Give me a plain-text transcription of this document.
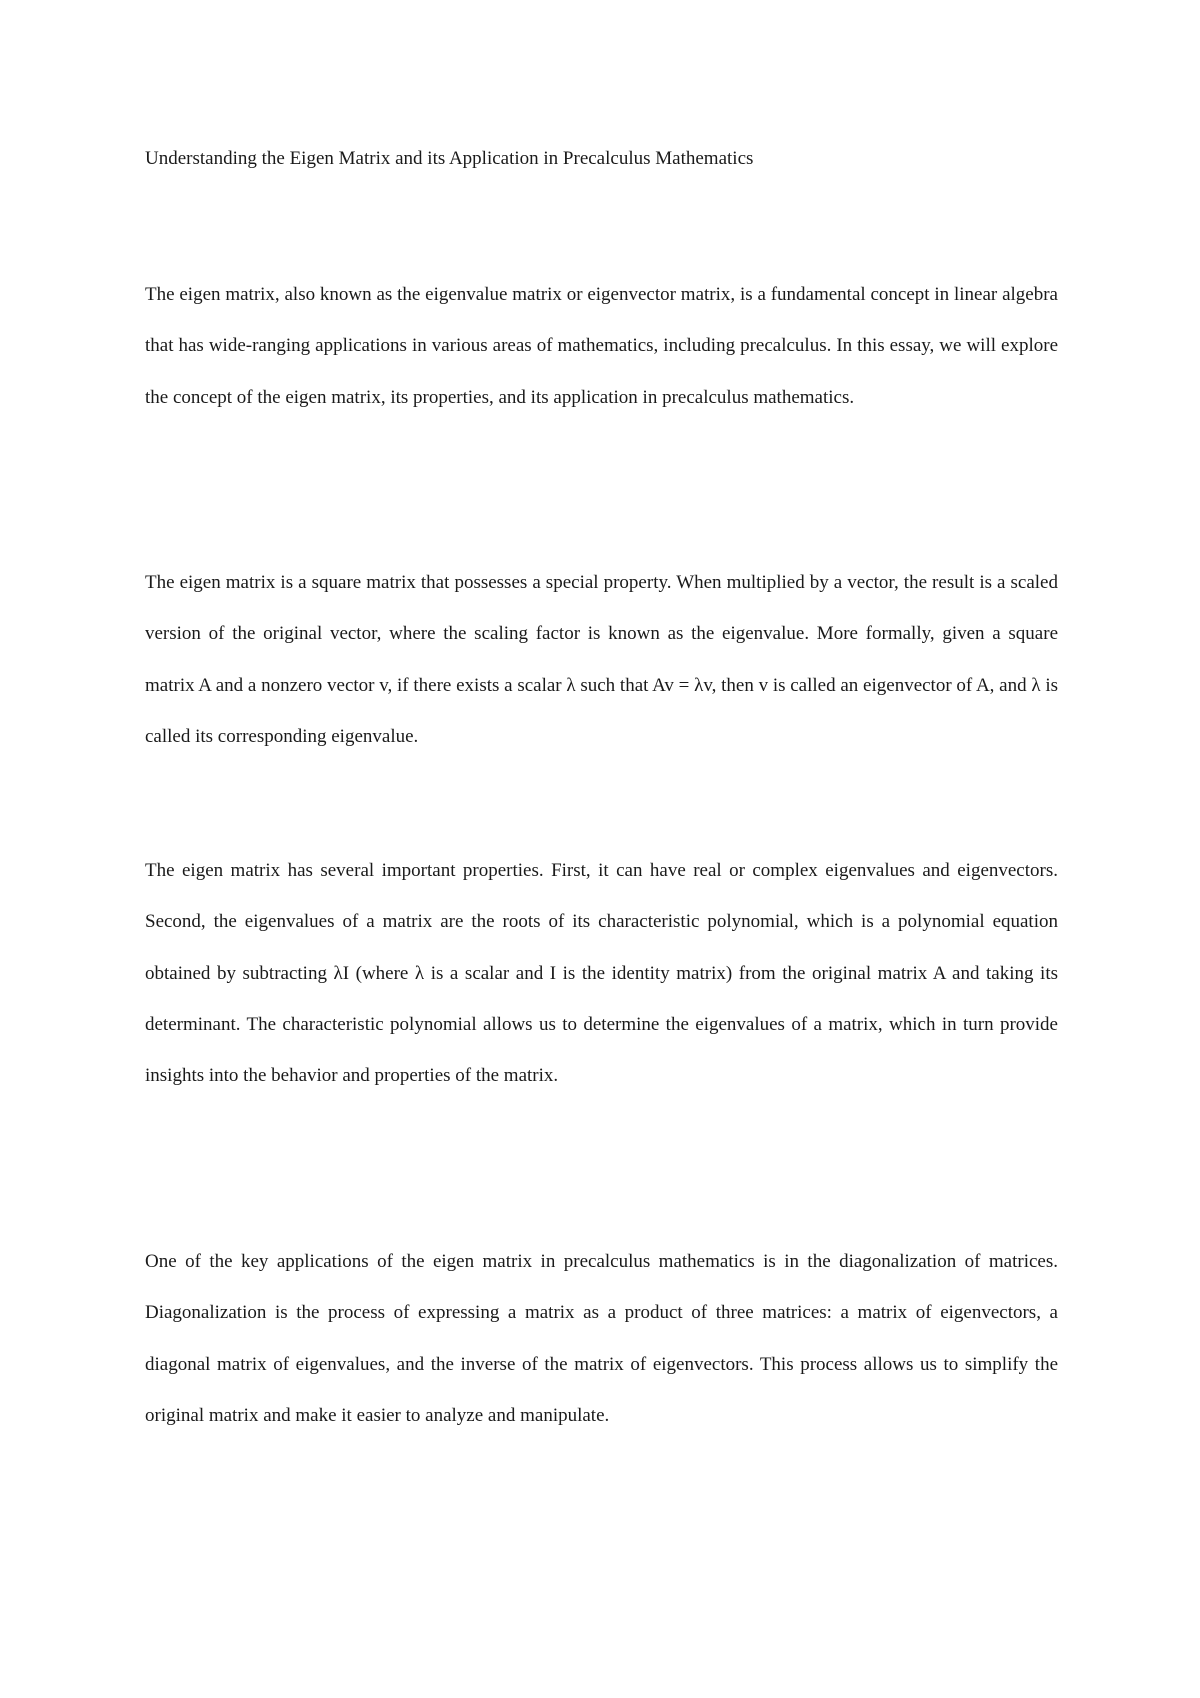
Understanding the Eigen Matrix and its Application in Precalculus Mathematics

The eigen matrix, also known as the eigenvalue matrix or eigenvector matrix, is a fundamental concept in linear algebra that has wide-ranging applications in various areas of mathematics, including precalculus. In this essay, we will explore the concept of the eigen matrix, its properties, and its application in precalculus mathematics.

The eigen matrix is a square matrix that possesses a special property. When multiplied by a vector, the result is a scaled version of the original vector, where the scaling factor is known as the eigenvalue. More formally, given a square matrix A and a nonzero vector v, if there exists a scalar λ such that Av = λv, then v is called an eigenvector of A, and λ is called its corresponding eigenvalue.

The eigen matrix has several important properties. First, it can have real or complex eigenvalues and eigenvectors. Second, the eigenvalues of a matrix are the roots of its characteristic polynomial, which is a polynomial equation obtained by subtracting λI (where λ is a scalar and I is the identity matrix) from the original matrix A and taking its determinant. The characteristic polynomial allows us to determine the eigenvalues of a matrix, which in turn provide insights into the behavior and properties of the matrix.

One of the key applications of the eigen matrix in precalculus mathematics is in the diagonalization of matrices. Diagonalization is the process of expressing a matrix as a product of three matrices: a matrix of eigenvectors, a diagonal matrix of eigenvalues, and the inverse of the matrix of eigenvectors. This process allows us to simplify the original matrix and make it easier to analyze and manipulate.
